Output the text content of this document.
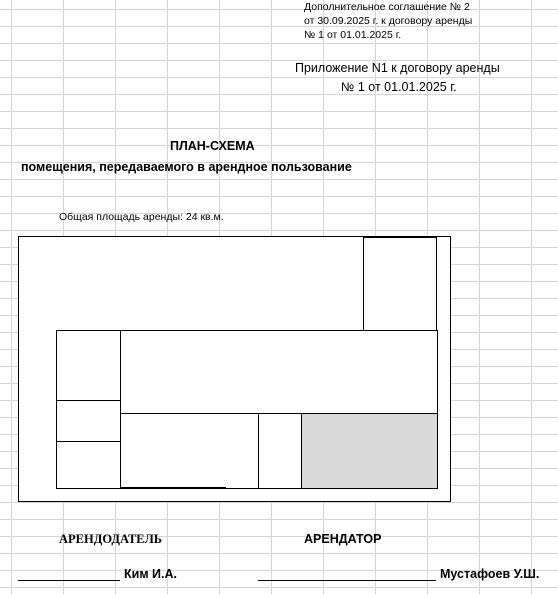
Дополнительное соглашение № 2
от 30.09.2025 г. к договору аренды
№ 1 от 01.01.2025 г.
Приложение N1 к договору аренды
№ 1 от 01.01.2025 г.
ПЛАН-СХЕМА
помещения, передаваемого в арендное пользование
Общая площадь аренды: 24 кв.м.
АРЕНДОДАТЕЛЬ	АРЕНДАТОР
Ким И.А.	Мустафоев У.Ш.
